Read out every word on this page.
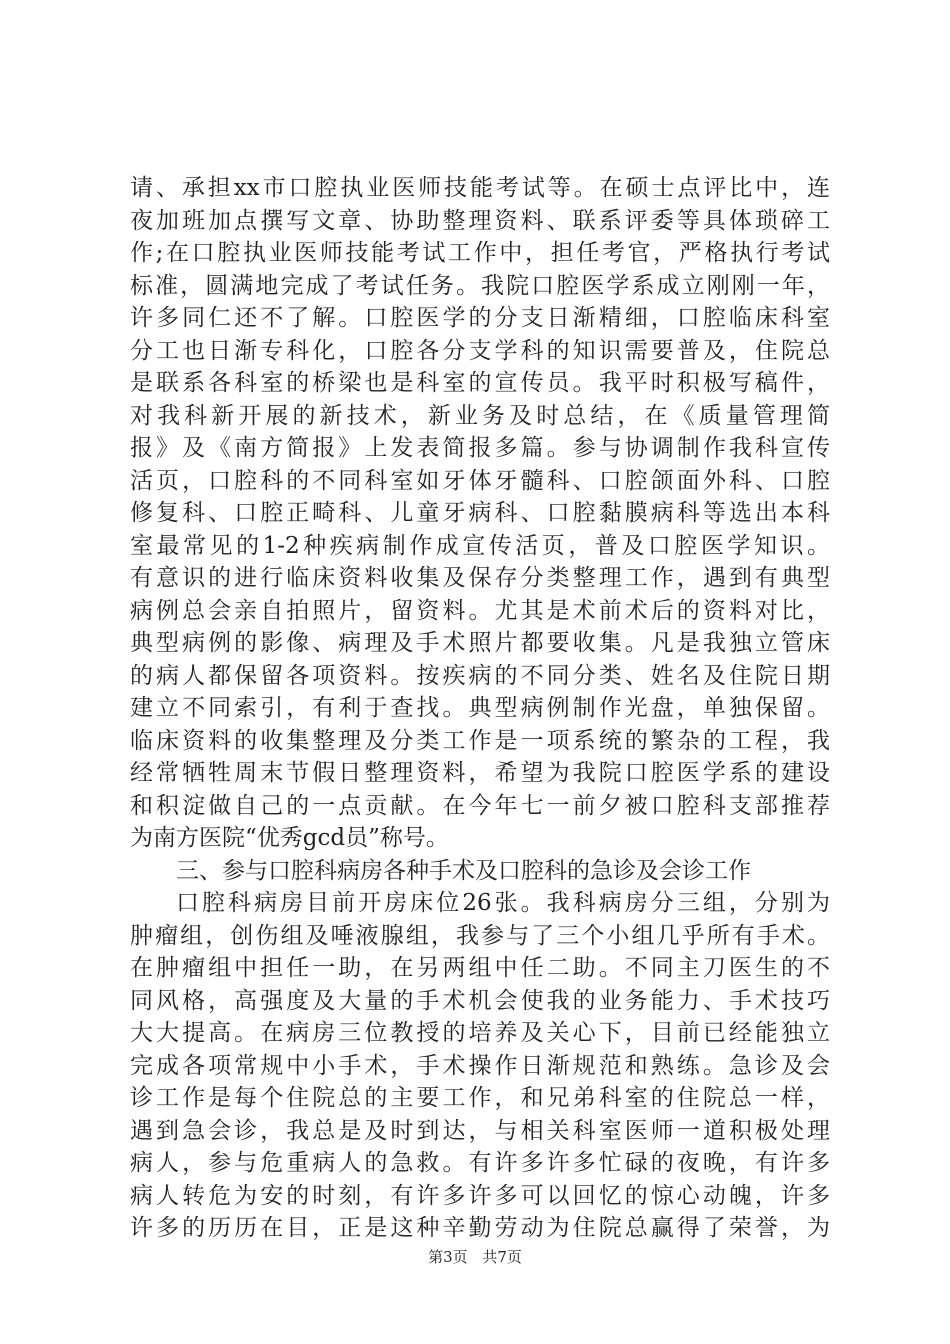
请、承担xx市口腔执业医师技能考试等。在硕士点评比中，连
夜加班加点撰写文章、协助整理资料、联系评委等具体琐碎工
作;在口腔执业医师技能考试工作中，担任考官，严格执行考试
标准，圆满地完成了考试任务。我院口腔医学系成立刚刚一年，
许多同仁还不了解。口腔医学的分支日渐精细，口腔临床科室
分工也日渐专科化，口腔各分支学科的知识需要普及，住院总
是联系各科室的桥梁也是科室的宣传员。我平时积极写稿件，
对我科新开展的新技术，新业务及时总结，在《质量管理简
报》及《南方简报》上发表简报多篇。参与协调制作我科宣传
活页，口腔科的不同科室如牙体牙髓科、口腔颌面外科、口腔
修复科、口腔正畸科、儿童牙病科、口腔黏膜病科等选出本科
室最常见的1-2种疾病制作成宣传活页，普及口腔医学知识。
有意识的进行临床资料收集及保存分类整理工作，遇到有典型
病例总会亲自拍照片，留资料。尤其是术前术后的资料对比，
典型病例的影像、病理及手术照片都要收集。凡是我独立管床
的病人都保留各项资料。按疾病的不同分类、姓名及住院日期
建立不同索引，有利于查找。典型病例制作光盘，单独保留。
临床资料的收集整理及分类工作是一项系统的繁杂的工程，我
经常牺牲周末节假日整理资料，希望为我院口腔医学系的建设
和积淀做自己的一点贡献。在今年七一前夕被口腔科支部推荐
为南方医院“优秀gcd员”称号。
三、参与口腔科病房各种手术及口腔科的急诊及会诊工作
口腔科病房目前开房床位26张。我科病房分三组，分别为
肿瘤组，创伤组及唾液腺组，我参与了三个小组几乎所有手术。
在肿瘤组中担任一助，在另两组中任二助。不同主刀医生的不
同风格，高强度及大量的手术机会使我的业务能力、手术技巧
大大提高。在病房三位教授的培养及关心下，目前已经能独立
完成各项常规中小手术，手术操作日渐规范和熟练。急诊及会
诊工作是每个住院总的主要工作，和兄弟科室的住院总一样，
遇到急会诊，我总是及时到达，与相关科室医师一道积极处理
病人，参与危重病人的急救。有许多许多忙碌的夜晚，有许多
病人转危为安的时刻，有许多许多可以回忆的惊心动魄，许多
许多的历历在目，正是这种辛勤劳动为住院总赢得了荣誉，为
第3页 共7页
